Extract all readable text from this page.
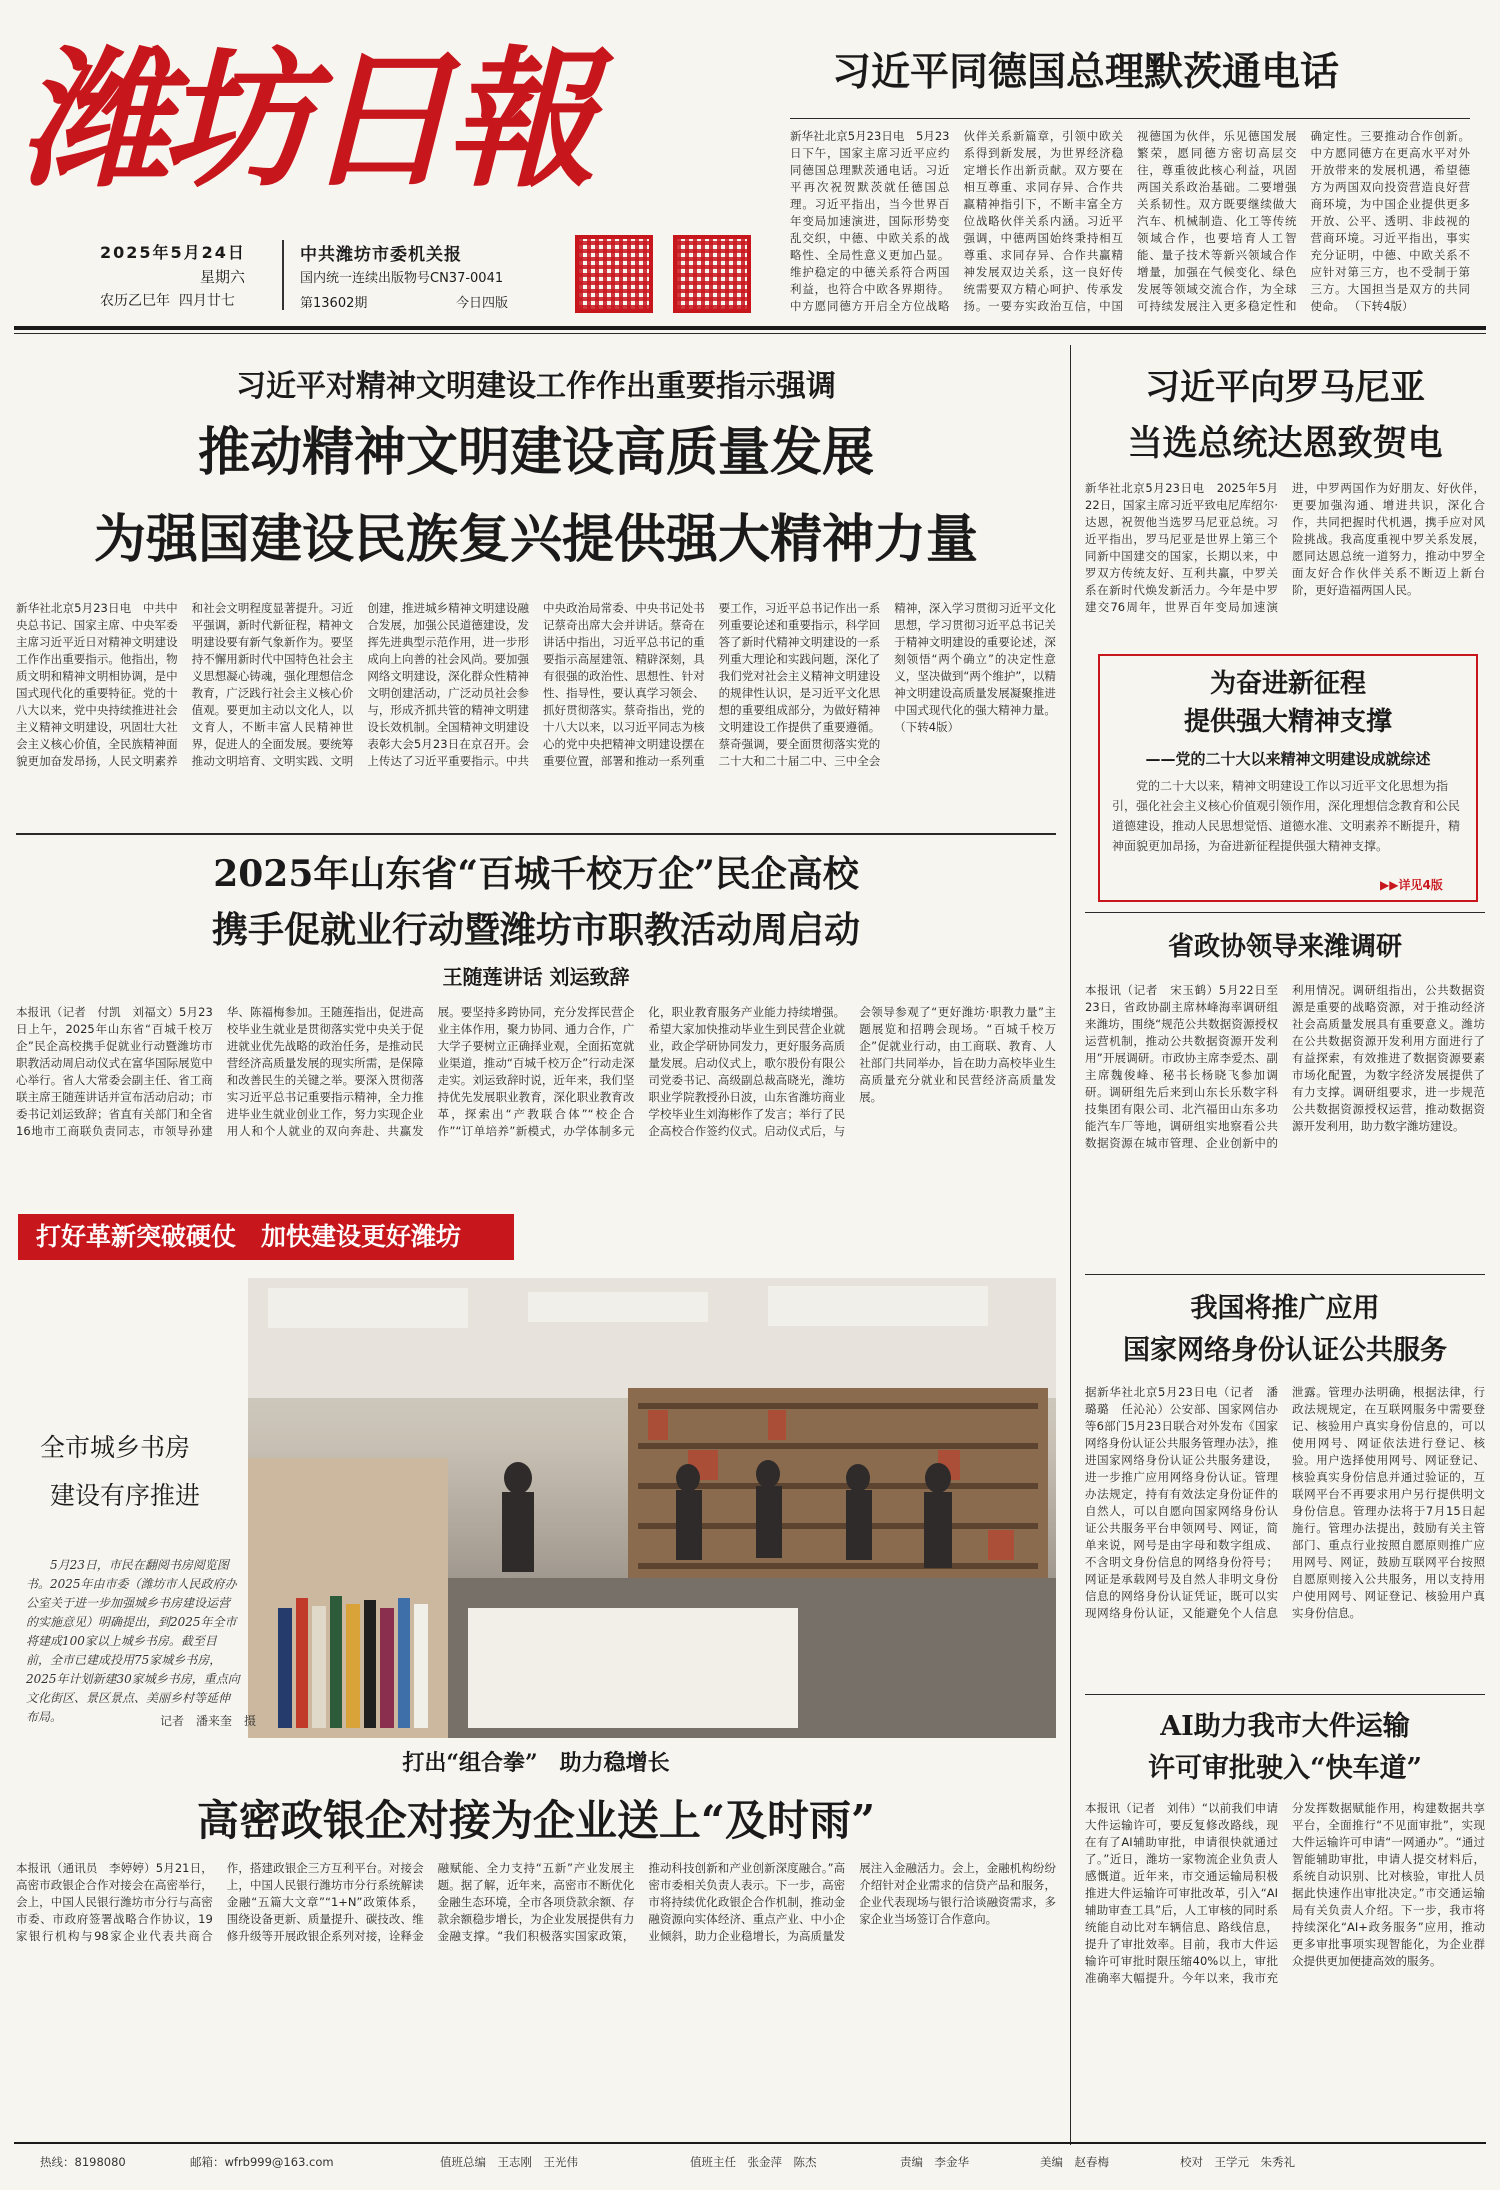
潍坊日報
2025年5月24日
星期六
农历乙巳年  四月廿七
中共潍坊市委机关报
国内统一连续出版物号CN37-0041
第13602期	今日四版
习近平同德国总理默茨通电话
新华社北京5月23日电　5月23日下午，国家主席习近平应约同德国总理默茨通电话。习近平再次祝贺默茨就任德国总理。习近平指出，当今世界百年变局加速演进，国际形势变乱交织，中德、中欧关系的战略性、全局性意义更加凸显。维护稳定的中德关系符合两国利益，也符合中欧各界期待。中方愿同德方开启全方位战略伙伴关系新篇章，引领中欧关系得到新发展，为世界经济稳定增长作出新贡献。双方要在相互尊重、求同存异、合作共赢精神指引下，不断丰富全方位战略伙伴关系内涵。习近平强调，中德两国始终秉持相互尊重、求同存异、合作共赢精神发展双边关系，这一良好传统需要双方精心呵护、传承发扬。一要夯实政治互信，中国视德国为伙伴，乐见德国发展繁荣，愿同德方密切高层交往，尊重彼此核心利益，巩固两国关系政治基础。二要增强关系韧性。双方既要继续做大汽车、机械制造、化工等传统领域合作，也要培育人工智能、量子技术等新兴领域合作增量，加强在气候变化、绿色发展等领域交流合作，为全球可持续发展注入更多稳定性和确定性。三要推动合作创新。中方愿同德方在更高水平对外开放带来的发展机遇，希望德方为两国双向投资营造良好营商环境，为中国企业提供更多开放、公平、透明、非歧视的营商环境。习近平指出，事实充分证明，中德、中欧关系不应针对第三方，也不受制于第三方。大国担当是双方的共同使命。 （下转4版）
习近平对精神文明建设工作作出重要指示强调
推动精神文明建设高质量发展
为强国建设民族复兴提供强大精神力量
新华社北京5月23日电　中共中央总书记、国家主席、中央军委主席习近平近日对精神文明建设工作作出重要指示。他指出，物质文明和精神文明相协调，是中国式现代化的重要特征。党的十八大以来，党中央持续推进社会主义精神文明建设，巩固壮大社会主义核心价值，全民族精神面貌更加奋发昂扬，人民文明素养和社会文明程度显著提升。习近平强调，新时代新征程，精神文明建设要有新气象新作为。要坚持不懈用新时代中国特色社会主义思想凝心铸魂，强化理想信念教育，广泛践行社会主义核心价值观。要更加主动以文化人，以文育人，不断丰富人民精神世界，促进人的全面发展。要统筹推动文明培育、文明实践、文明创建，推进城乡精神文明建设融合发展，加强公民道德建设，发挥先进典型示范作用，进一步形成向上向善的社会风尚。要加强网络文明建设，深化群众性精神文明创建活动，广泛动员社会参与，形成齐抓共管的精神文明建设长效机制。全国精神文明建设表彰大会5月23日在京召开。会上传达了习近平重要指示。中共中央政治局常委、中央书记处书记蔡奇出席大会并讲话。蔡奇在讲话中指出，习近平总书记的重要指示高屋建瓴、精辟深刻，具有很强的政治性、思想性、针对性、指导性，要认真学习领会、抓好贯彻落实。蔡奇指出，党的十八大以来，以习近平同志为核心的党中央把精神文明建设摆在重要位置，部署和推动一系列重要工作，习近平总书记作出一系列重要论述和重要指示，科学回答了新时代精神文明建设的一系列重大理论和实践问题，深化了我们党对社会主义精神文明建设的规律性认识，是习近平文化思想的重要组成部分，为做好精神文明建设工作提供了重要遵循。蔡奇强调，要全面贯彻落实党的二十大和二十届二中、三中全会精神，深入学习贯彻习近平文化思想，学习贯彻习近平总书记关于精神文明建设的重要论述，深刻领悟“两个确立”的决定性意义，坚决做到“两个维护”，以精神文明建设高质量发展凝聚推进中国式现代化的强大精神力量。 （下转4版）
习近平向罗马尼亚
当选总统达恩致贺电
新华社北京5月23日电　2025年5月22日，国家主席习近平致电尼库绍尔·达恩，祝贺他当选罗马尼亚总统。习近平指出，罗马尼亚是世界上第三个同新中国建交的国家，长期以来，中罗双方传统友好、互利共赢，中罗关系在新时代焕发新活力。今年是中罗建交76周年，世界百年变局加速演进，中罗两国作为好朋友、好伙伴，更要加强沟通、增进共识，深化合作，共同把握时代机遇，携手应对风险挑战。我高度重视中罗关系发展，愿同达恩总统一道努力，推动中罗全面友好合作伙伴关系不断迈上新台阶，更好造福两国人民。
为奋进新征程
提供强大精神支撑
——党的二十大以来精神文明建设成就综述
党的二十大以来，精神文明建设工作以习近平文化思想为指引，强化社会主义核心价值观引领作用，深化理想信念教育和公民道德建设，推动人民思想觉悟、道德水准、文明素养不断提升，精神面貌更加昂扬，为奋进新征程提供强大精神支撑。
▶▶详见4版
2025年山东省“百城千校万企”民企高校
携手促就业行动暨潍坊市职教活动周启动
王随莲讲话 刘运致辞
本报讯（记者　付凯　刘福文）5月23日上午，2025年山东省“百城千校万企”民企高校携手促就业行动暨潍坊市职教活动周启动仪式在富华国际展览中心举行。省人大常委会副主任、省工商联主席王随莲讲话并宣布活动启动；市委书记刘运致辞；省直有关部门和全省16地市工商联负责同志，市领导孙建华、陈福梅参加。王随莲指出，促进高校毕业生就业是贯彻落实党中央关于促进就业优先战略的政治任务，是推动民营经济高质量发展的现实所需，是保障和改善民生的关键之举。要深入贯彻落实习近平总书记重要指示精神，全力推进毕业生就业创业工作，努力实现企业用人和个人就业的双向奔赴、共赢发展。要坚持多跨协同，充分发挥民营企业主体作用，聚力协同、通力合作，广大学子要树立正确择业观，全面拓宽就业渠道，推动“百城千校万企”行动走深走实。刘运致辞时说，近年来，我们坚持优先发展职业教育，深化职业教育改革，探索出“产教联合体”“校企合作”“订单培养”新模式，办学体制多元化，职业教育服务产业能力持续增强。希望大家加快推动毕业生到民营企业就业，政企学研协同发力，更好服务高质量发展。启动仪式上，歌尔股份有限公司党委书记、高级副总裁高晓光，潍坊职业学院教授孙日波，山东省潍坊商业学校毕业生刘海彬作了发言；举行了民企高校合作签约仪式。启动仪式后，与会领导参观了“更好潍坊·职教力量”主题展览和招聘会现场。“百城千校万企”促就业行动，由工商联、教育、人社部门共同举办，旨在助力高校毕业生高质量充分就业和民营经济高质量发展。
打好革新突破硬仗　加快建设更好潍坊
全市城乡书房
建设有序推进
5月23日，市民在翻阅书房阅览图书。2025年由市委（潍坊市人民政府办公室关于进一步加强城乡书房建设运营的实施意见）明确提出，到2025年全市将建成100家以上城乡书房。截至目前，全市已建成投用75家城乡书房，2025年计划新建30家城乡书房，重点向文化街区、景区景点、美丽乡村等延伸布局。	记者　潘来奎　摄
打出“组合拳”　助力稳增长
高密政银企对接为企业送上“及时雨”
本报讯（通讯员　李婷婷）5月21日，高密市政银企合作对接会在高密举行，会上，中国人民银行潍坊市分行与高密市委、市政府签署战略合作协议，19家银行机构与98家企业代表共商合作，搭建政银企三方互利平台。对接会上，中国人民银行潍坊市分行系统解读金融“五篇大文章”“1+N”政策体系，围绕设备更新、质量提升、碳技改、维修升级等开展政银企系列对接，诠释金融赋能、全力支持“五新”产业发展主题。据了解，近年来，高密市不断优化金融生态环境，全市各项贷款余额、存款余额稳步增长，为企业发展提供有力金融支撑。“我们积极落实国家政策，推动科技创新和产业创新深度融合。”高密市委相关负责人表示。下一步，高密市将持续优化政银企合作机制，推动金融资源向实体经济、重点产业、中小企业倾斜，助力企业稳增长，为高质量发展注入金融活力。会上，金融机构纷纷介绍针对企业需求的信贷产品和服务，企业代表现场与银行洽谈融资需求，多家企业当场签订合作意向。
省政协领导来潍调研
本报讯（记者　宋玉鹤）5月22日至23日，省政协副主席林峰海率调研组来潍坊，围绕“规范公共数据资源授权运营机制，推动公共数据资源开发利用”开展调研。市政协主席李爱杰、副主席魏俊峰、秘书长杨晓飞参加调研。调研组先后来到山东长乐数字科技集团有限公司、北汽福田山东多功能汽车厂等地，调研组实地察看公共数据资源在城市管理、企业创新中的利用情况。调研组指出，公共数据资源是重要的战略资源，对于推动经济社会高质量发展具有重要意义。潍坊在公共数据资源开发利用方面进行了有益探索，有效推进了数据资源要素市场化配置，为数字经济发展提供了有力支撑。调研组要求，进一步规范公共数据资源授权运营，推动数据资源开发利用，助力数字潍坊建设。
我国将推广应用
国家网络身份认证公共服务
据新华社北京5月23日电（记者　潘璐璐　任沁沁）公安部、国家网信办等6部门5月23日联合对外发布《国家网络身份认证公共服务管理办法》，推进国家网络身份认证公共服务建设，进一步推广应用网络身份认证。管理办法规定，持有有效法定身份证件的自然人，可以自愿向国家网络身份认证公共服务平台申领网号、网证，简单来说，网号是由字母和数字组成、不含明文身份信息的网络身份符号；网证是承载网号及自然人非明文身份信息的网络身份认证凭证，既可以实现网络身份认证，又能避免个人信息泄露。管理办法明确，根据法律，行政法规规定，在互联网服务中需要登记、核验用户真实身份信息的，可以使用网号、网证依法进行登记、核验。用户选择使用网号、网证登记、核验真实身份信息并通过验证的，互联网平台不再要求用户另行提供明文身份信息。管理办法将于7月15日起施行。管理办法提出，鼓励有关主管部门、重点行业按照自愿原则推广应用网号、网证，鼓励互联网平台按照自愿原则接入公共服务，用以支持用户使用网号、网证登记、核验用户真实身份信息。
AI助力我市大件运输
许可审批驶入“快车道”
本报讯（记者　刘伟）“以前我们申请大件运输许可，要反复修改路线，现在有了AI辅助审批，申请很快就通过了。”近日，潍坊一家物流企业负责人感慨道。近年来，市交通运输局积极推进大件运输许可审批改革，引入“AI辅助审查工具”后，人工审核的同时系统能自动比对车辆信息、路线信息，提升了审批效率。目前，我市大件运输许可审批时限压缩40%以上，审批准确率大幅提升。今年以来，我市充分发挥数据赋能作用，构建数据共享平台，全面推行“不见面审批”，实现大件运输许可申请“一网通办”。“通过智能辅助审批，申请人提交材料后，系统自动识别、比对核验，审批人员据此快速作出审批决定。”市交通运输局有关负责人介绍。下一步，我市将持续深化“AI+政务服务”应用，推动更多审批事项实现智能化，为企业群众提供更加便捷高效的服务。
热线：8198080	邮箱：wfrb999@163.com	值班总编　王志刚　王光伟	值班主任　张金萍　陈杰	责编　李金华	美编　赵春梅	校对　王学元　朱秀礼
